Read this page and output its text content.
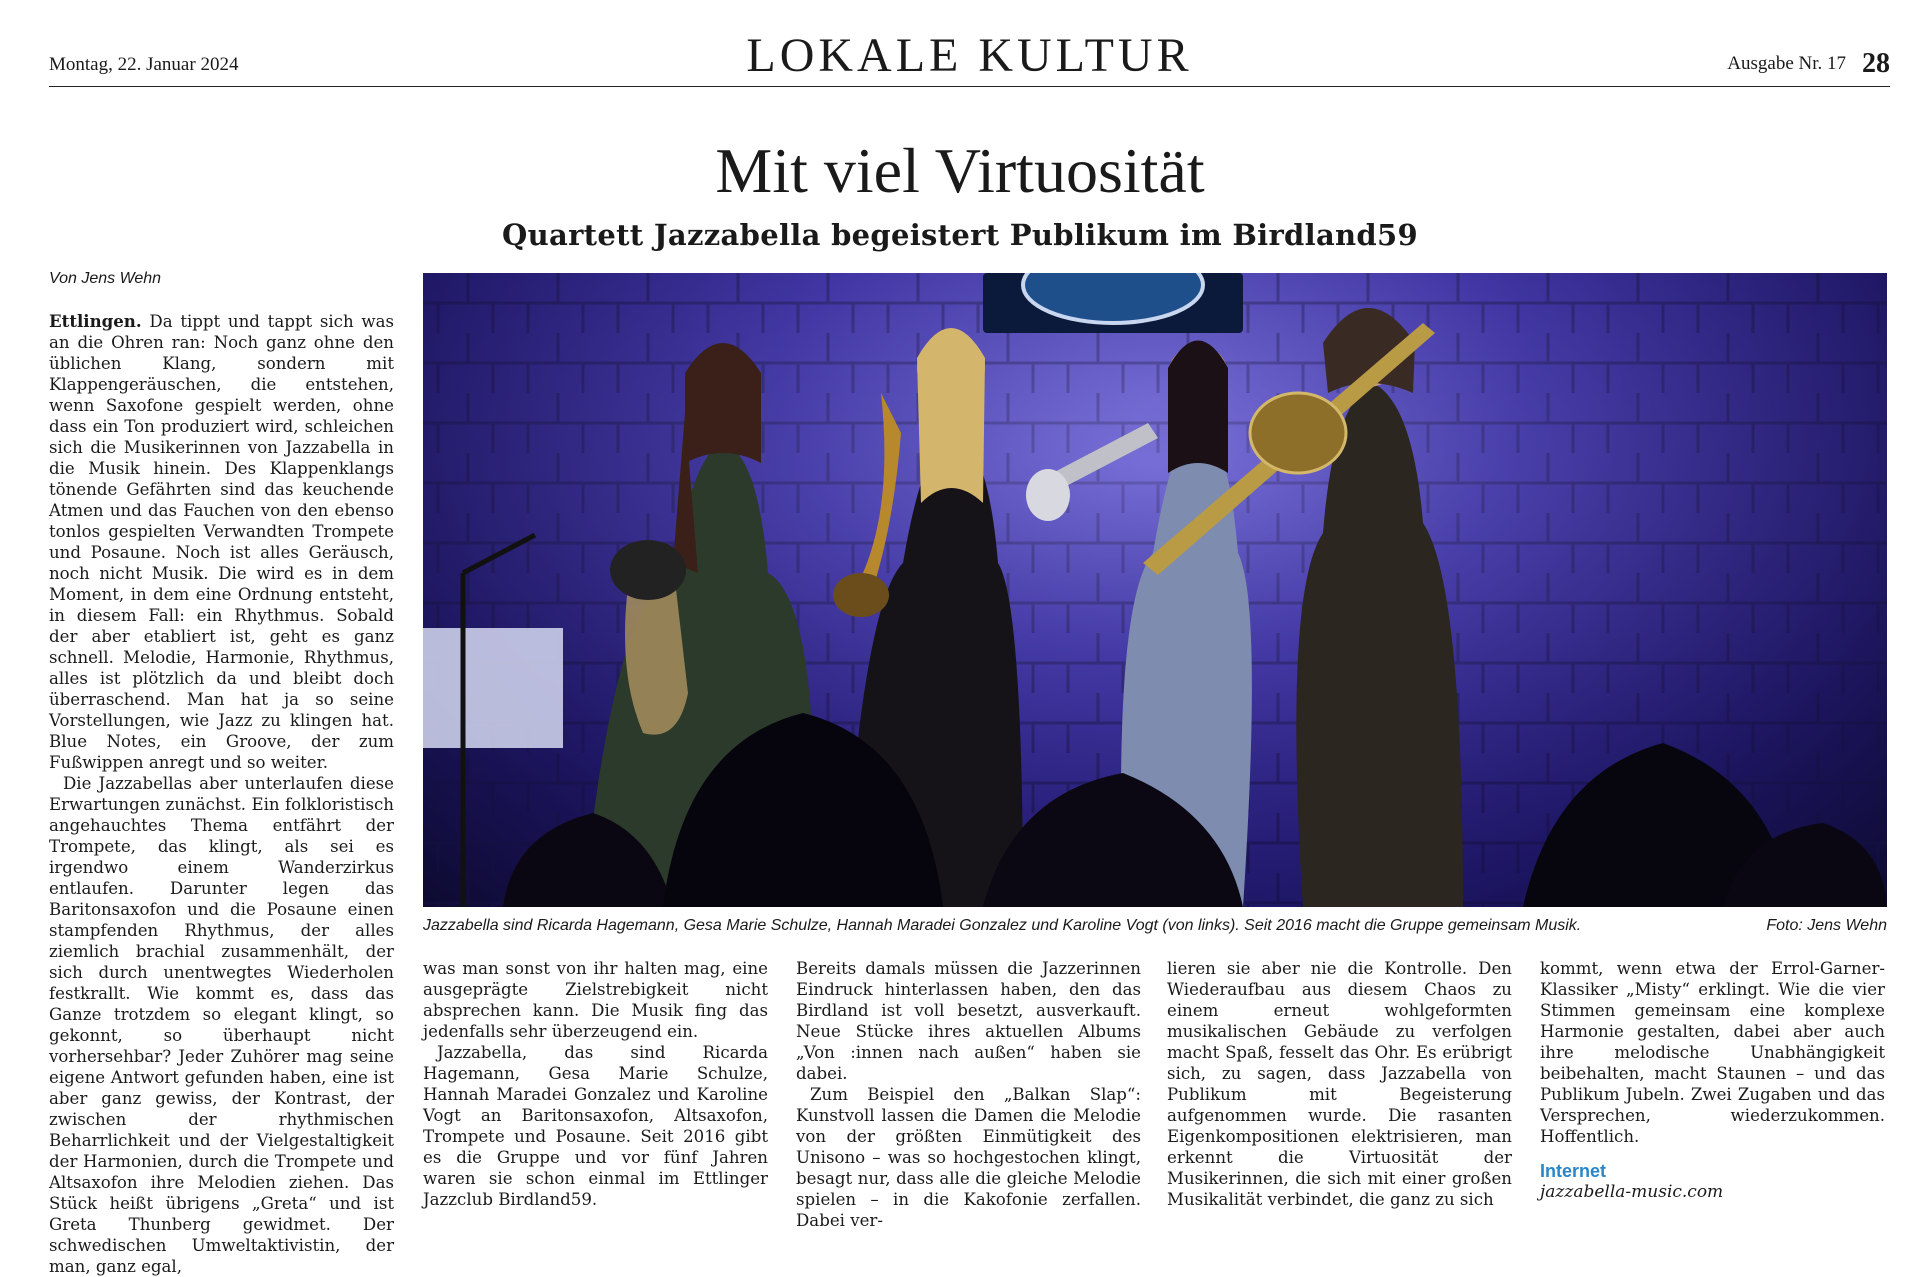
Montag, 22. Januar 2024	LOKALE KULTUR	Ausgabe Nr. 17 28
Mit viel Virtuosität
Quartett Jazzabella begeistert Publikum im Birdland59
Von Jens Wehn
Jazzabella sind Ricarda Hagemann, Gesa Marie Schulze, Hannah Maradei Gonzalez und Karoline Vogt (von links). Seit 2016 macht die Gruppe gemeinsam Musik.	Foto: Jens Wehn

Ettlingen. Da tippt und tappt sich was an die Ohren ran: Noch ganz ohne den üblichen Klang, sondern mit Klappengeräuschen, die entstehen, wenn Saxofone gespielt werden, ohne dass ein Ton produziert wird, schleichen sich die Musikerinnen von Jazzabella in die Musik hinein. Des Klappenklangs tönende Gefährten sind das keuchende Atmen und das Fauchen von den ebenso tonlos gespielten Verwandten Trompete und Posaune. Noch ist alles Geräusch, noch nicht Musik. Die wird es in dem Moment, in dem eine Ordnung entsteht, in diesem Fall: ein Rhythmus. Sobald der aber etabliert ist, geht es ganz schnell. Melodie, Harmonie, Rhythmus, alles ist plötzlich da und bleibt doch überraschend. Man hat ja so seine Vorstellungen, wie Jazz zu klingen hat. Blue Notes, ein Groove, der zum Fußwippen anregt und so weiter.

Die Jazzabellas aber unterlaufen diese Erwartungen zunächst. Ein folkloristisch angehauchtes Thema entfährt der Trompete, das klingt, als sei es irgendwo einem Wanderzirkus entlaufen. Darunter legen das Baritonsaxofon und die Posaune einen stampfenden Rhythmus, der alles ziemlich brachial zusammenhält, der sich durch unentwegtes Wiederholen festkrallt. Wie kommt es, dass das Ganze trotzdem so elegant klingt, so gekonnt, so überhaupt nicht vorhersehbar? Jeder Zuhörer mag seine eigene Antwort gefunden haben, eine ist aber ganz gewiss, der Kontrast, der zwischen der rhythmischen Beharrlichkeit und der Vielgestaltigkeit der Harmonien, durch die Trompete und Altsaxofon ihre Melodien ziehen. Das Stück heißt übrigens „Greta“ und ist Greta Thunberg gewidmet. Der schwedischen Umweltaktivistin, der man, ganz egal,

was man sonst von ihr halten mag, eine ausgeprägte Zielstrebigkeit nicht absprechen kann. Die Musik fing das jedenfalls sehr überzeugend ein.

Jazzabella, das sind Ricarda Hagemann, Gesa Marie Schulze, Hannah Maradei Gonzalez und Karoline Vogt an Baritonsaxofon, Altsaxofon, Trompete und Posaune. Seit 2016 gibt es die Gruppe und vor fünf Jahren waren sie schon einmal im Ettlinger Jazzclub Birdland59.

Bereits damals müssen die Jazzerinnen Eindruck hinterlassen haben, den das Birdland ist voll besetzt, ausverkauft. Neue Stücke ihres aktuellen Albums „Von :innen nach außen“ haben sie dabei.

Zum Beispiel den „Balkan Slap“: Kunstvoll lassen die Damen die Melodie von der größten Einmütigkeit des Unisono – was so hochgestochen klingt, besagt nur, dass alle die gleiche Melodie spielen – in die Kakofonie zerfallen. Dabei ver-

lieren sie aber nie die Kontrolle. Den Wiederaufbau aus diesem Chaos zu einem erneut wohlgeformten musikalischen Gebäude zu verfolgen macht Spaß, fesselt das Ohr. Es erübrigt sich, zu sagen, dass Jazzabella von Publikum mit Begeisterung aufgenommen wurde. Die rasanten Eigenkompositionen elektrisieren, man erkennt die Virtuosität der Musikerinnen, die sich mit einer großen Musikalität verbindet, die ganz zu sich

kommt, wenn etwa der Errol-Garner-Klassiker „Misty“ erklingt. Wie die vier Stimmen gemeinsam eine komplexe Harmonie gestalten, dabei aber auch ihre melodische Unabhängigkeit beibehalten, macht Staunen – und das Publikum Jubeln. Zwei Zugaben und das Versprechen, wiederzukommen. Hoffentlich.

Internet
jazzabella-music.com
